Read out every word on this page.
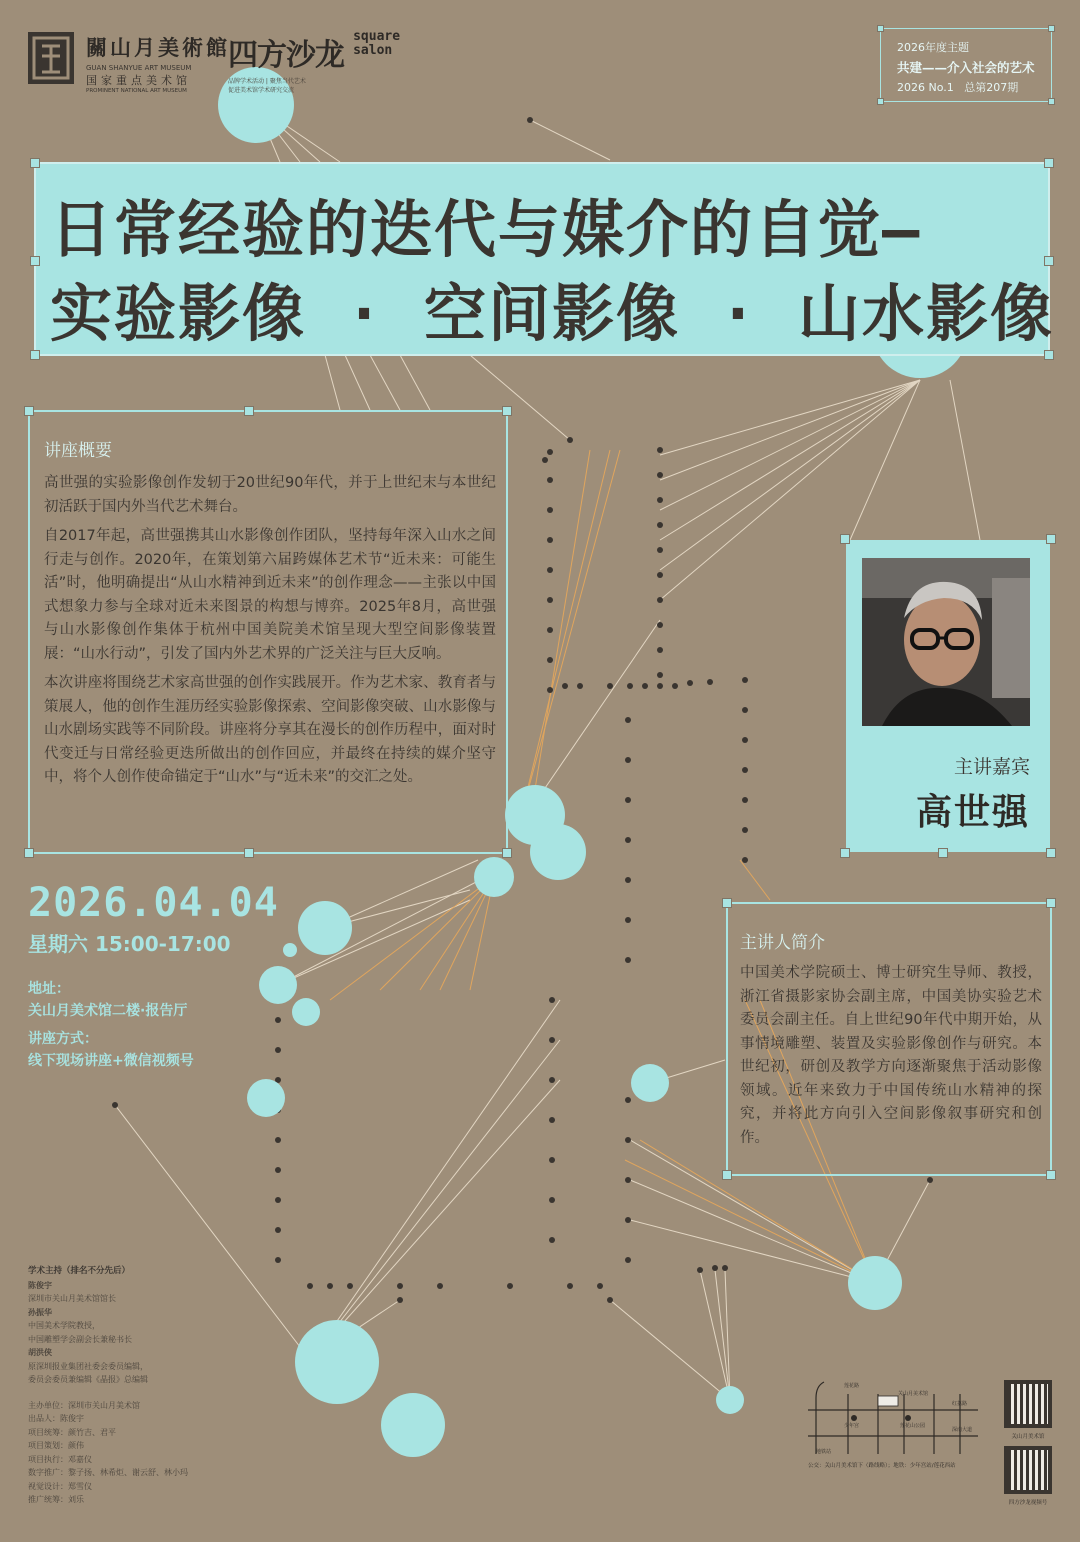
關山月美術館
GUAN SHANYUE ART MUSEUM
国家重点美术馆
PROMINENT NATIONAL ART MUSEUM
四方沙龙
square
salon
品牌学术活动 | 聚焦当代艺术
促进美术馆学术研究交流
2026年度主题
共建——介入社会的艺术
2026 No.1   总第207期
日常经验的迭代与媒介的自觉—
实验影像 · 空间影像 · 山水影像
讲座概要

高世强的实验影像创作发轫于20世纪90年代，并于上世纪末与本世纪初活跃于国内外当代艺术舞台。

自2017年起，高世强携其山水影像创作团队，坚持每年深入山水之间行走与创作。2020年，在策划第六届跨媒体艺术节“近未来：可能生活”时，他明确提出“从山水精神到近未来”的创作理念——主张以中国式想象力参与全球对近未来图景的构想与博弈。2025年8月，高世强与山水影像创作集体于杭州中国美院美术馆呈现大型空间影像装置展：“山水行动”，引发了国内外艺术界的广泛关注与巨大反响。

本次讲座将围绕艺术家高世强的创作实践展开。作为艺术家、教育者与策展人，他的创作生涯历经实验影像探索、空间影像突破、山水影像与山水剧场实践等不同阶段。讲座将分享其在漫长的创作历程中，面对时代变迁与日常经验更迭所做出的创作回应，并最终在持续的媒介坚守中，将个人创作使命锚定于“山水”与“近未来”的交汇之处。	主讲嘉宾
高世强
2026.04.04
星期六 15:00-17:00
地址：
关山月美术馆二楼·报告厅
讲座方式：
线下现场讲座+微信视频号
主讲人简介

中国美术学院硕士、博士研究生导师、教授，浙江省摄影家协会副主席，中国美协实验艺术委员会副主任。自上世纪90年代中期开始，从事情境雕塑、装置及实验影像创作与研究。本世纪初，研创及教学方向逐渐聚焦于活动影像领域。近年来致力于中国传统山水精神的探究，并将此方向引入空间影像叙事研究和创作。

学术主持（排名不分先后）
陈俊宇
深圳市关山月美术馆馆长
孙振华
中国美术学院教授，
中国雕塑学会副会长兼秘书长
胡洪侠
原深圳报业集团社委会委员编辑，
委员会委员兼编辑《晶报》总编辑
主办单位：深圳市关山月美术馆
出品人：陈俊宇
项目统筹：颜竹吉、君平
项目策划：颜伟
项目执行：邓嘉仪
数字推广：黎子扬、林希炬、谢云舒、林小玛
视觉设计：郑雪仪
推广统筹：刘乐
莲花路
红荔路
深南大道
关山月美术馆
少年宫	莲花山公园
地铁站
公交：关山月美术馆下（路线略）；地铁：少年宫站/莲花西站
关山月美术馆
四方沙龙视频号
